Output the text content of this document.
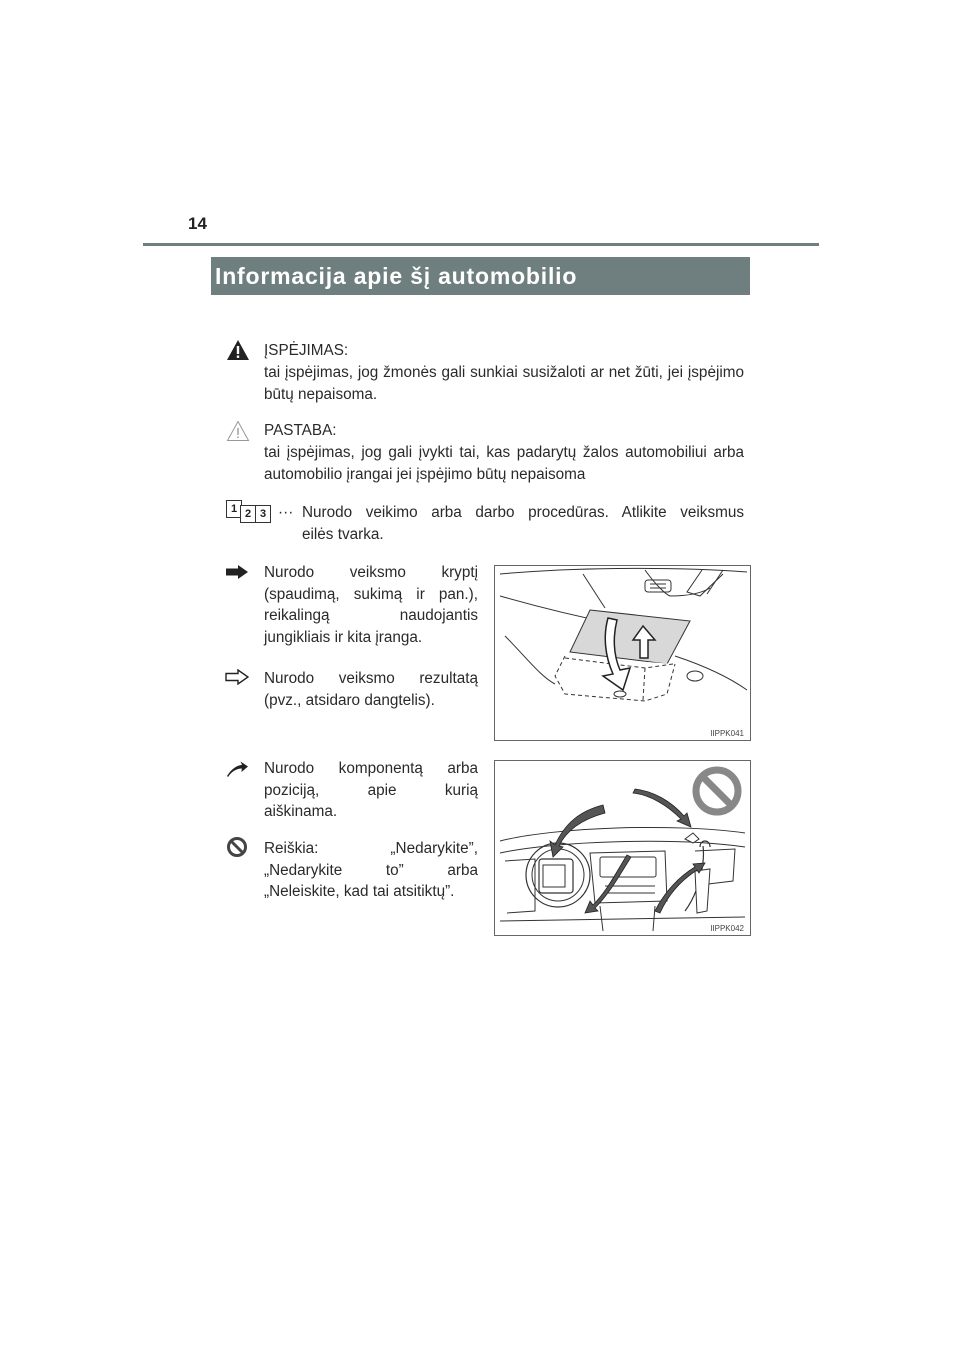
14
Informacija apie šį automobilio
ĮSPĖJIMAS:
tai įspėjimas, jog žmonės gali sunkiai susižaloti ar net žūti, jei įspėjimo būtų nepaisoma.
PASTABA:
tai įspėjimas, jog gali įvykti tai, kas padarytų žalos automobiliui arba automobilio įrangai jei įspėjimo būtų nepaisoma
1 2 3 ··· Nurodo veikimo arba darbo procedūras. Atlikite veiksmus
eilės tvarka.
Nurodo veiksmo kryptį
(spaudimą, sukimą ir pan.),
reikalingą naudojantis
jungikliais ir kita įranga.
Nurodo veiksmo rezultatą
(pvz., atsidaro dangtelis).
IIPPK041
Nurodo komponentą arba
poziciją, apie kurią
aiškinama.
Reiškia: „Nedarykite”,
„Nedarykite to” arba
„Neleiskite, kad tai atsitiktų”.
IIPPK042
